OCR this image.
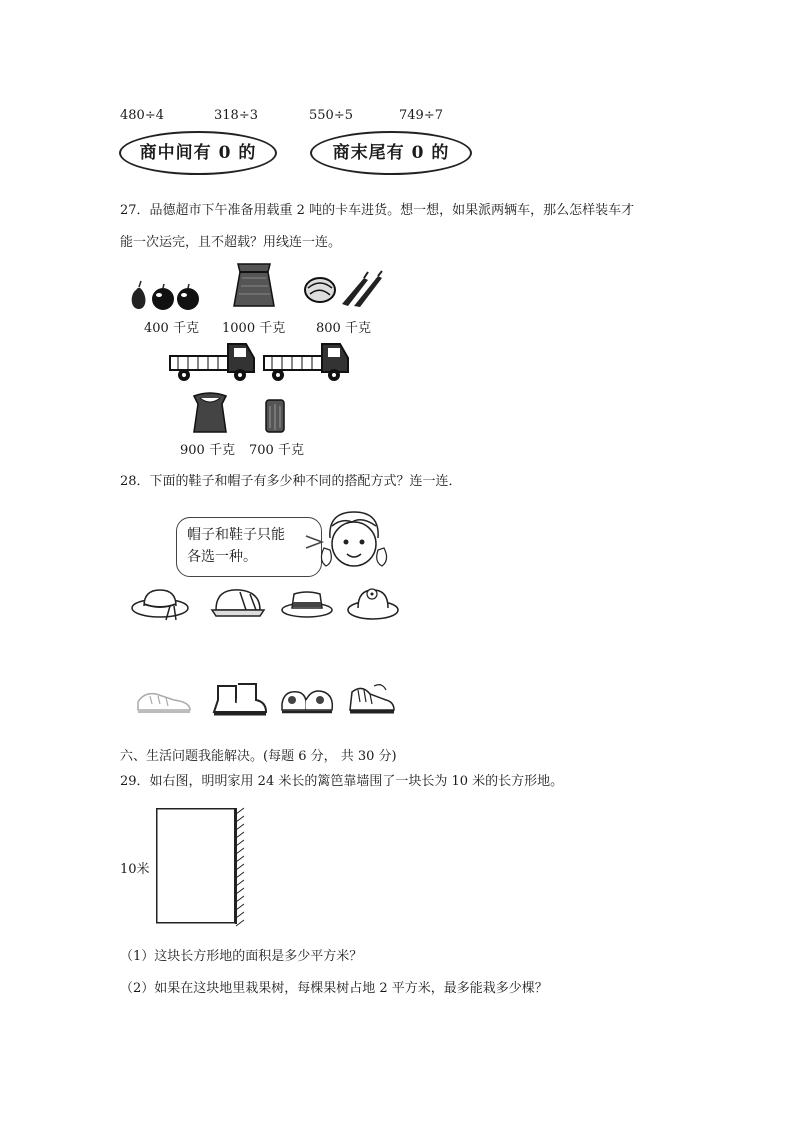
480÷4	318÷3	550÷5	749÷7
商中间有 0 的	商末尾有 0 的
27．品德超市下午准备用载重 2 吨的卡车进货。想一想，如果派两辆车，那么怎样装车才
能一次运完，且不超载？用线连一连。
400 千克 1000 千克 800 千克
900 千克 700 千克
28．下面的鞋子和帽子有多少种不同的搭配方式？连一连．
帽子和鞋子只能
各选一种。
六、生活问题我能解决。(每题 6 分， 共 30 分)
29．如右图，明明家用 24 米长的篱笆靠墙围了一块长为 10 米的长方形地。
10米
（1）这块长方形地的面积是多少平方米？
（2）如果在这块地里栽果树，每棵果树占地 2 平方米，最多能栽多少棵？
